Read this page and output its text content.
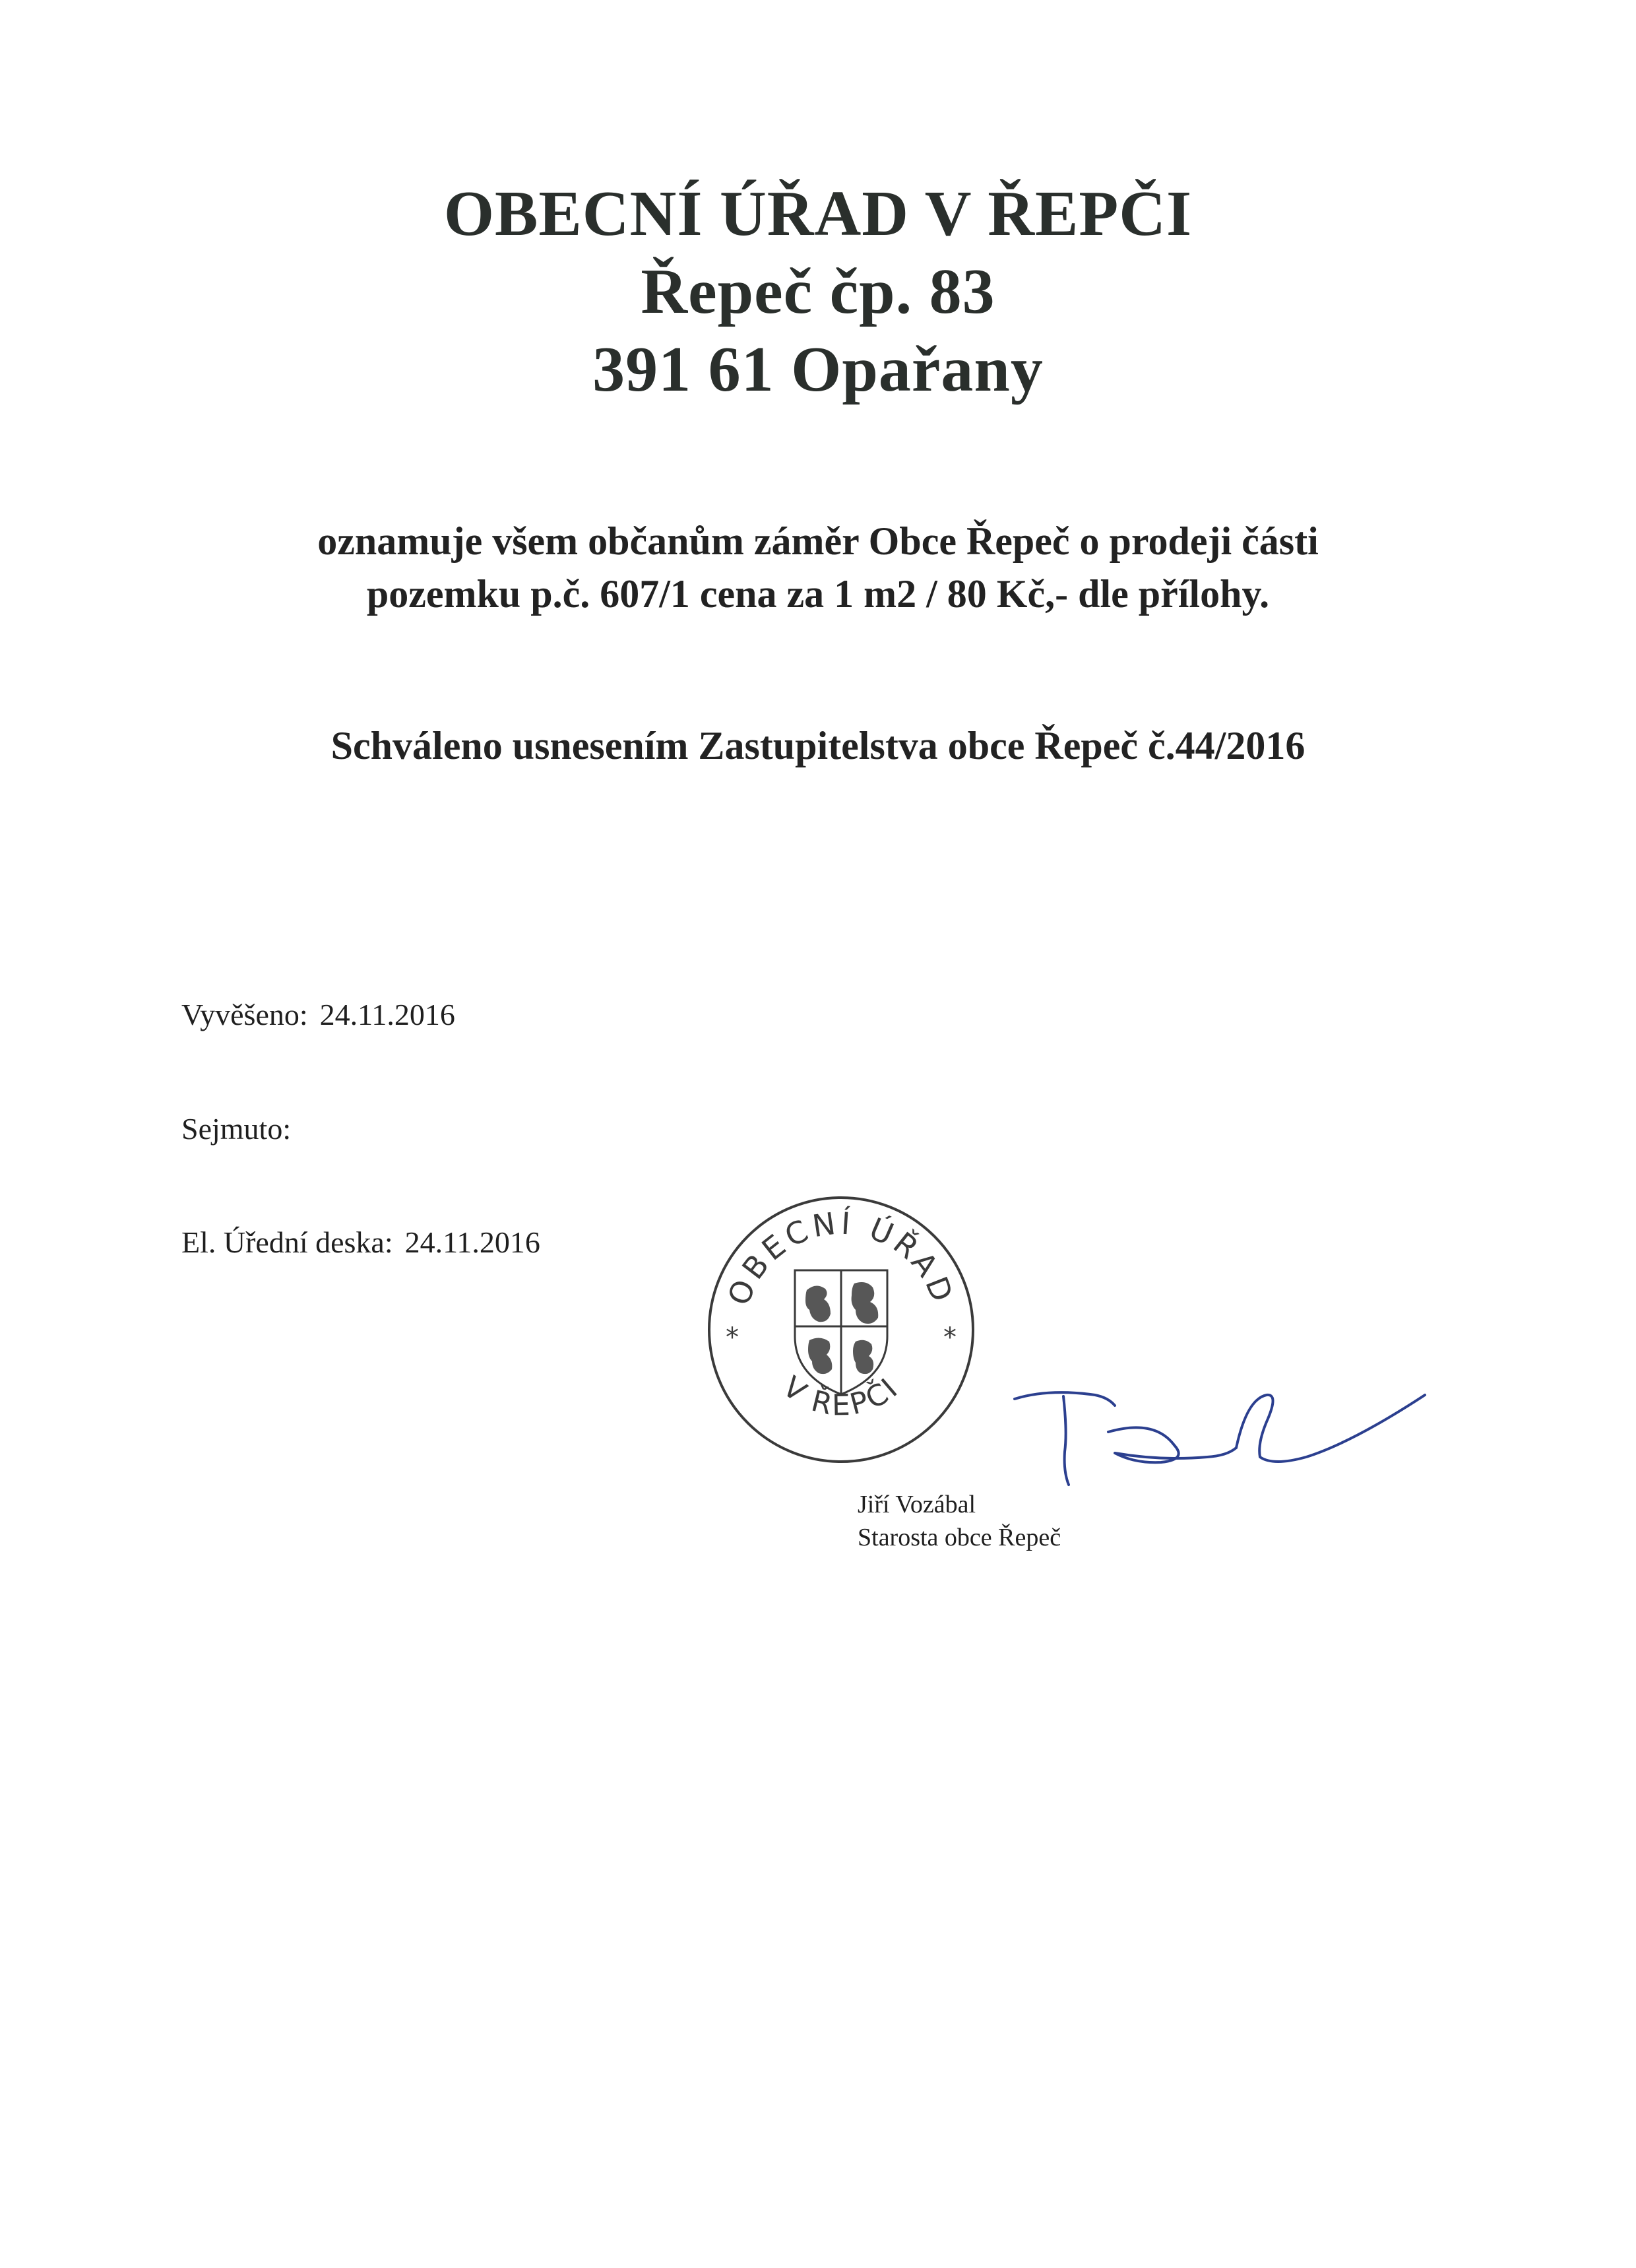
OBECNÍ ÚŘAD V ŘEPČI
Řepeč čp. 83
391 61 Opařany
oznamuje všem občanům záměr Obce Řepeč o prodeji části
pozemku p.č. 607/1 cena za 1 m2 / 80 Kč,- dle přílohy.
Schváleno usnesením Zastupitelstva obce Řepeč č.44/2016
Vyvěšeno: 24.11.2016
Sejmuto:
El. Úřední deska: 24.11.2016
OBECNÍ ÚŘAD
V ŘEPČI
*	*
Jiří Vozábal
Starosta obce Řepeč
